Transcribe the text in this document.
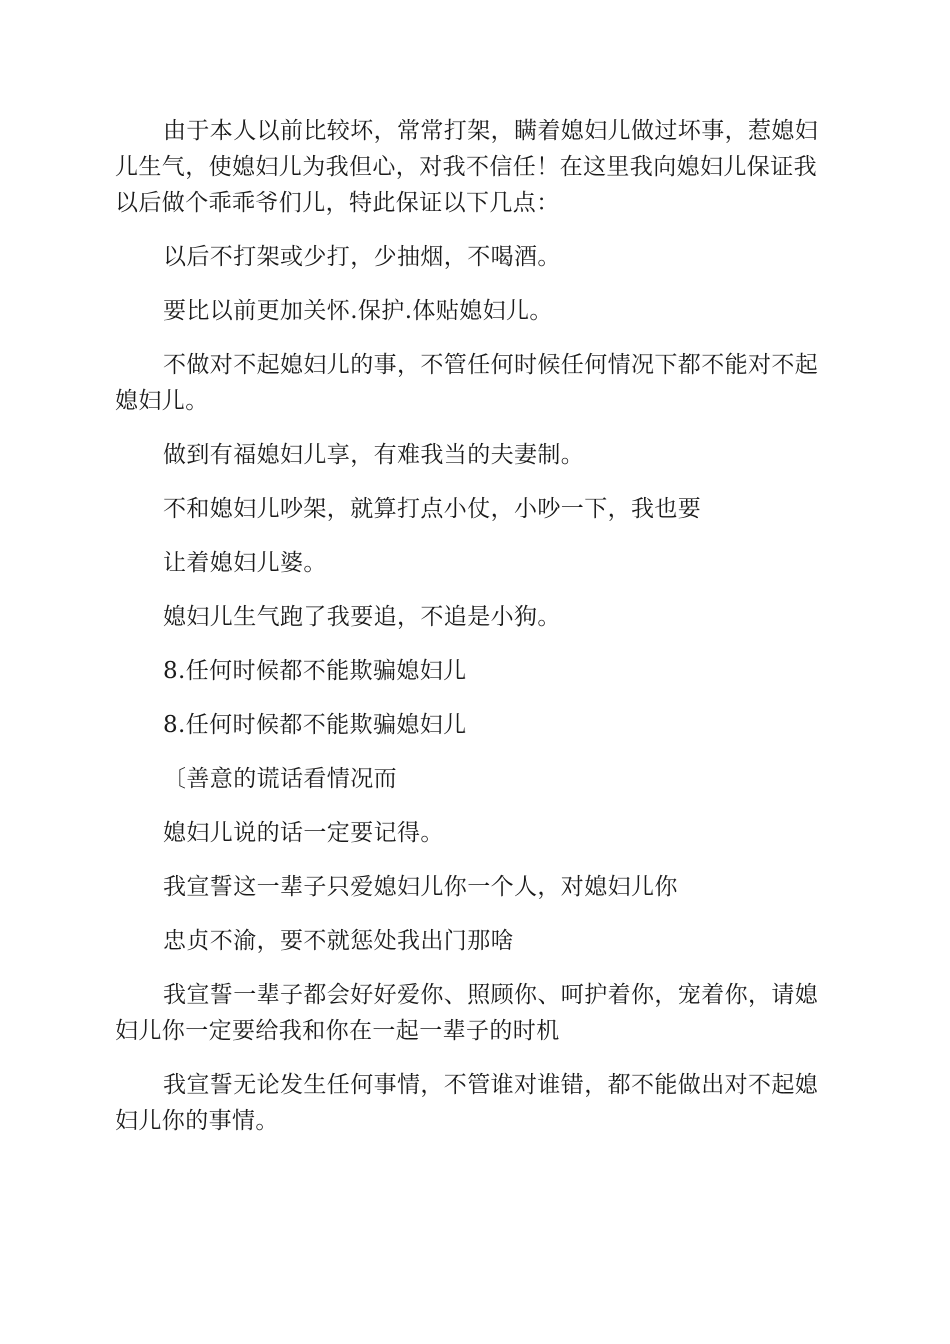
由于本人以前比较坏，常常打架，瞒着媳妇儿做过坏事，惹媳妇儿生气，使媳妇儿为我但心，对我不信任！在这里我向媳妇儿保证我以后做个乖乖爷们儿，特此保证以下几点：

以后不打架或少打，少抽烟，不喝酒。

要比以前更加关怀.保护.体贴媳妇儿。

不做对不起媳妇儿的事，不管任何时候任何情况下都不能对不起媳妇儿。

做到有福媳妇儿享，有难我当的夫妻制。

不和媳妇儿吵架，就算打点小仗，小吵一下，我也要

让着媳妇儿婆。

媳妇儿生气跑了我要追，不追是小狗。

8.任何时候都不能欺骗媳妇儿

8.任何时候都不能欺骗媳妇儿

〔善意的谎话看情况而

媳妇儿说的话一定要记得。

我宣誓这一辈子只爱媳妇儿你一个人，对媳妇儿你

忠贞不渝，要不就惩处我出门那啥

我宣誓一辈子都会好好爱你、照顾你、呵护着你，宠着你，请媳妇儿你一定要给我和你在一起一辈子的时机

我宣誓无论发生任何事情，不管谁对谁错，都不能做出对不起媳妇儿你的事情。
